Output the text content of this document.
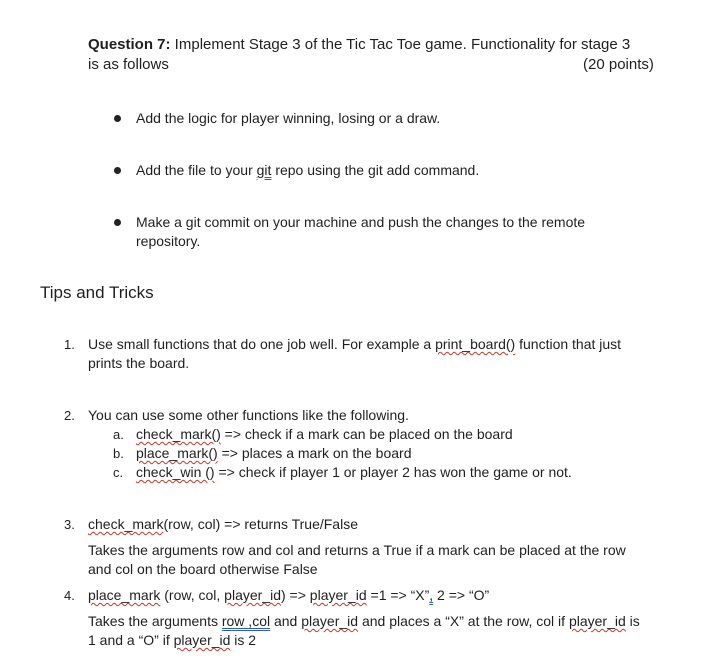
Question 7: Implement Stage 3 of the Tic Tac Toe game. Functionality for stage 3
is as follows	(20 points)
Add the logic for player winning, losing or a draw.
Add the file to your git repo using the git add command.
Make a git commit on your machine and push the changes to the remote
repository.
Tips and Tricks
1. Use small functions that do one job well. For example a print_board() function that just
prints the board.
2. You can use some other functions like the following.
a. check_mark() => check if a mark can be placed on the board
b. place_mark() => places a mark on the board
c. check_win () => check if player 1 or player 2 has won the game or not.
3. check_mark(row, col) => returns True/False
Takes the arguments row and col and returns a True if a mark can be placed at the row
and col on the board otherwise False
4. place_mark (row, col, player_id) => player_id =1 => “X”, 2 => “O”
Takes the arguments row ,col and player_id and places a “X” at the row, col if player_id is
1 and a “O” if player_id is 2
